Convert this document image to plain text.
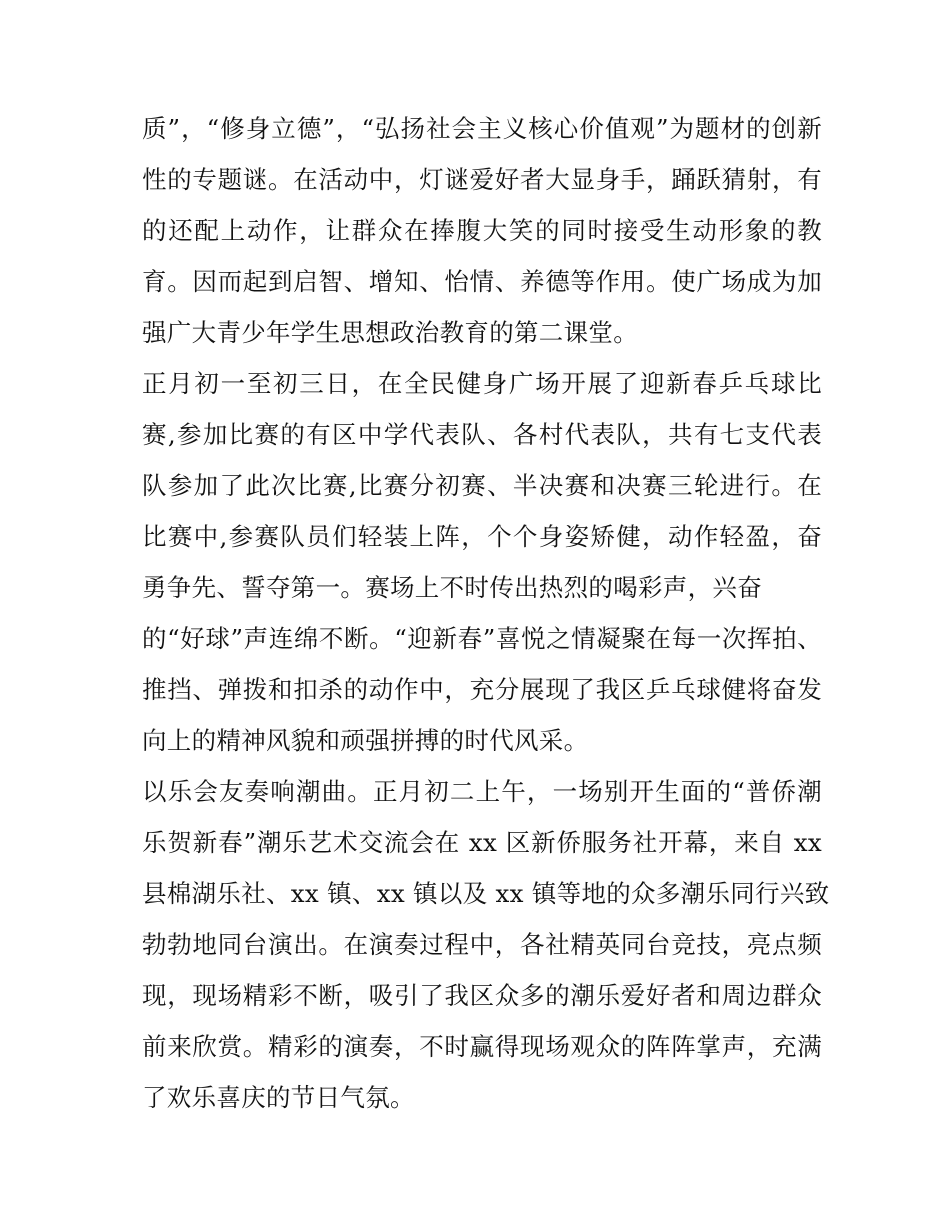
质”，“修身立德”，“弘扬社会主义核心价值观”为题材的创新
性的专题谜。在活动中，灯谜爱好者大显身手，踊跃猜射，有
的还配上动作，让群众在捧腹大笑的同时接受生动形象的教
育。因而起到启智、增知、怡情、养德等作用。使广场成为加
强广大青少年学生思想政治教育的第二课堂。
正月初一至初三日，在全民健身广场开展了迎新春乒乓球比
赛,参加比赛的有区中学代表队、各村代表队，共有七支代表
队参加了此次比赛,比赛分初赛、半决赛和决赛三轮进行。在
比赛中,参赛队员们轻装上阵，个个身姿矫健，动作轻盈，奋
勇争先、誓夺第一。赛场上不时传出热烈的喝彩声，兴奋
的“好球”声连绵不断。“迎新春”喜悦之情凝聚在每一次挥拍、
推挡、弹拨和扣杀的动作中，充分展现了我区乒乓球健将奋发
向上的精神风貌和顽强拼搏的时代风采。
以乐会友奏响潮曲。正月初二上午，一场别开生面的“普侨潮
乐贺新春”潮乐艺术交流会在 xx 区新侨服务社开幕，来自 xx
县棉湖乐社、xx 镇、xx 镇以及 xx 镇等地的众多潮乐同行兴致
勃勃地同台演出。在演奏过程中，各社精英同台竞技，亮点频
现，现场精彩不断，吸引了我区众多的潮乐爱好者和周边群众
前来欣赏。精彩的演奏，不时赢得现场观众的阵阵掌声，充满
了欢乐喜庆的节日气氛。
